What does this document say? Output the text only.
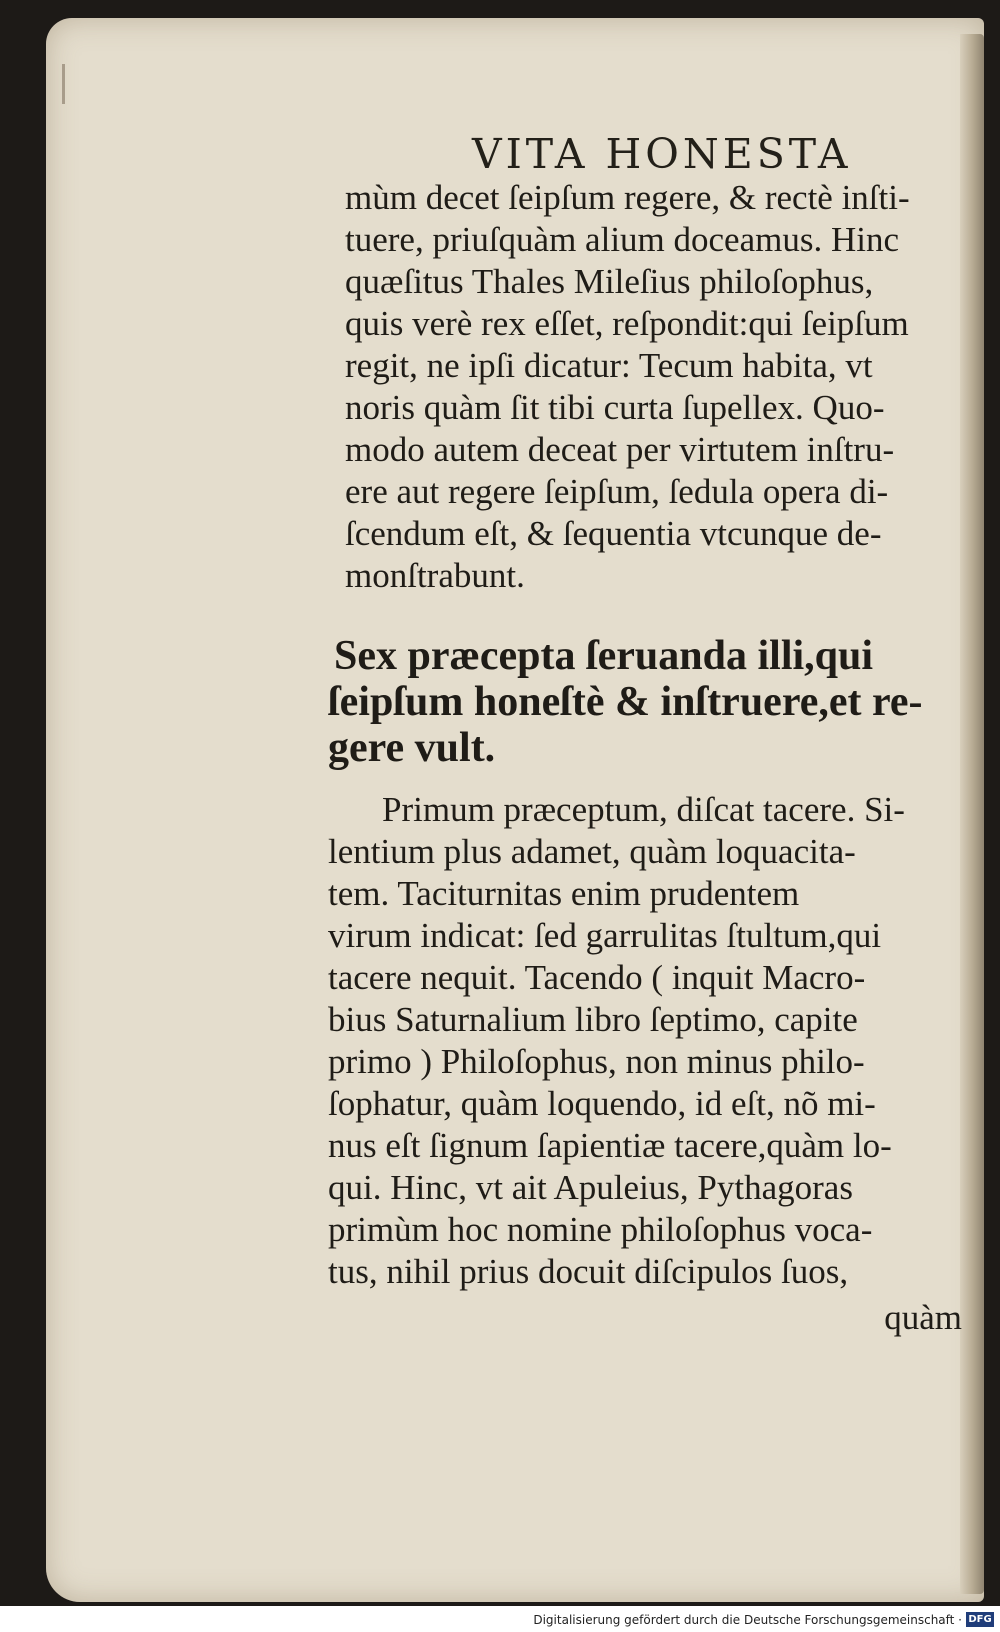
VITA HONESTA
mùm decet ſeipſum regere, & rectè inſti-
tuere, priuſquàm alium doceamus. Hinc
quæſitus Thales Mileſius philoſophus,
quis verè rex eſſet, reſpondit:qui ſeipſum
regit, ne ipſi dicatur: Tecum habita, vt
noris quàm ſit tibi curta ſupellex. Quo-
modo autem deceat per virtutem inſtru-
ere aut regere ſeipſum, ſedula opera di-
ſcendum eſt, & ſequentia vtcunque de-
monſtrabunt.
Sex præcepta ſeruanda illi,qui
ſeipſum honeſtè & inſtruere,et re-
gere vult.
Primum præceptum, diſcat tacere. Si-
lentium plus adamet, quàm loquacita-
tem. Taciturnitas enim prudentem
virum indicat: ſed garrulitas ſtultum,qui
tacere nequit. Tacendo ( inquit Macro-
bius Saturnalium libro ſeptimo, capite
primo ) Philoſophus, non minus philo-
ſophatur, quàm loquendo, id eſt, nõ mi-
nus eſt ſignum ſapientiæ tacere,quàm lo-
qui. Hinc, vt ait Apuleius, Pythagoras
primùm hoc nomine philoſophus voca-
tus, nihil prius docuit diſcipulos ſuos,
quàm
Digitalisierung gefördert durch die Deutsche Forschungsgemeinschaft · DFG
